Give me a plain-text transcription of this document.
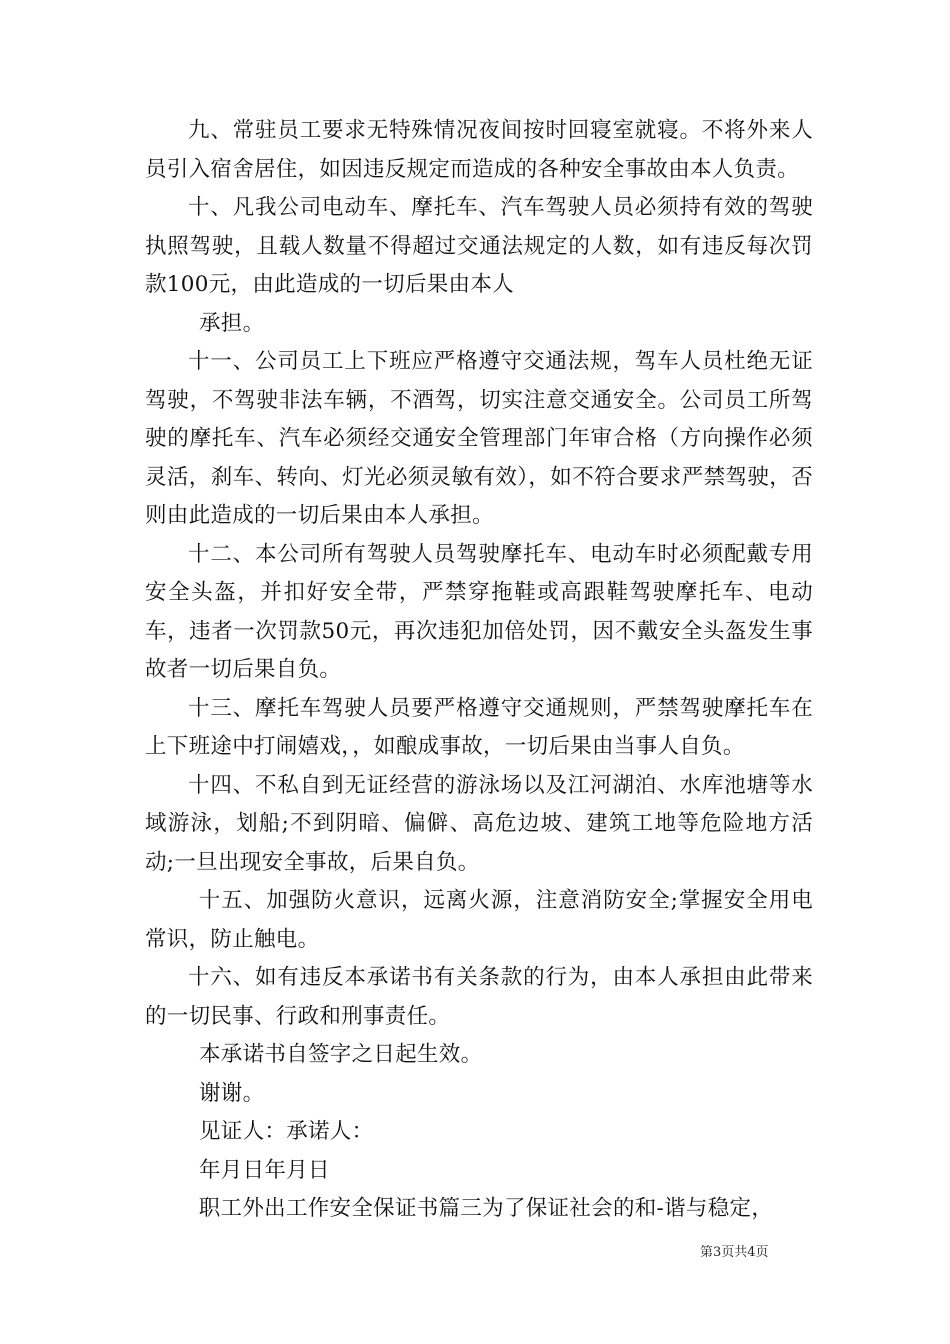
九、常驻员工要求无特殊情况夜间按时回寝室就寝。不将外来人员引入宿舍居住，如因违反规定而造成的各种安全事故由本人负责。

十、凡我公司电动车、摩托车、汽车驾驶人员必须持有效的驾驶执照驾驶，且载人数量不得超过交通法规定的人数，如有违反每次罚款100元，由此造成的一切后果由本人

承担。

十一、公司员工上下班应严格遵守交通法规，驾车人员杜绝无证驾驶，不驾驶非法车辆，不酒驾，切实注意交通安全。公司员工所驾驶的摩托车、汽车必须经交通安全管理部门年审合格（方向操作必须灵活，刹车、转向、灯光必须灵敏有效），如不符合要求严禁驾驶，否则由此造成的一切后果由本人承担。

十二、本公司所有驾驶人员驾驶摩托车、电动车时必须配戴专用安全头盔，并扣好安全带，严禁穿拖鞋或高跟鞋驾驶摩托车、电动车，违者一次罚款50元，再次违犯加倍处罚，因不戴安全头盔发生事故者一切后果自负。

十三、摩托车驾驶人员要严格遵守交通规则，严禁驾驶摩托车在上下班途中打闹嬉戏，，如酿成事故，一切后果由当事人自负。

十四、不私自到无证经营的游泳场以及江河湖泊、水库池塘等水域游泳，划船;不到阴暗、偏僻、高危边坡、建筑工地等危险地方活动;一旦出现安全事故，后果自负。

十五、加强防火意识，远离火源，注意消防安全;掌握安全用电常识，防止触电。

十六、如有违反本承诺书有关条款的行为，由本人承担由此带来的一切民事、行政和刑事责任。

本承诺书自签字之日起生效。
谢谢。
见证人：承诺人：
年月日年月日

职工外出工作安全保证书篇三为了保证社会的和-谐与稳定，

第3页共4页
